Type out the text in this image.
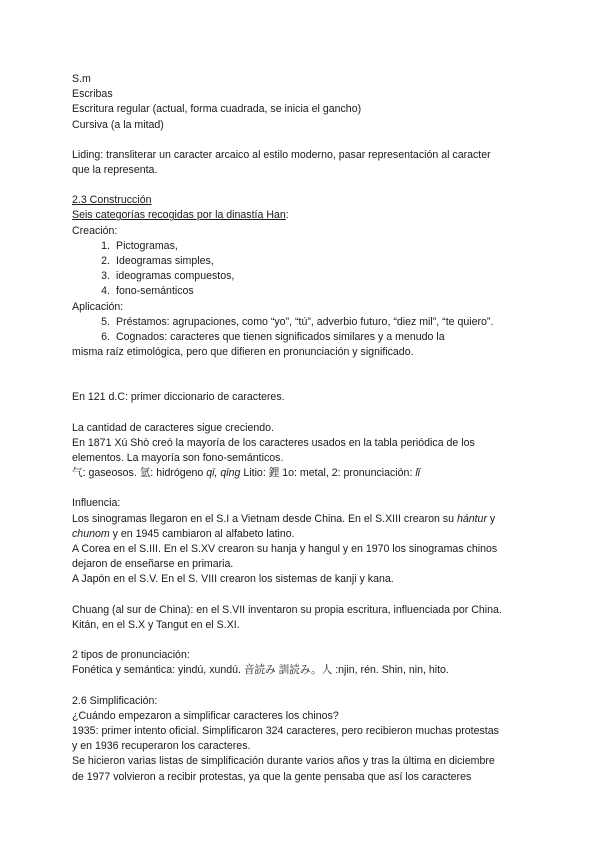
S.m
Escribas
Escritura regular (actual, forma cuadrada, se inicia el gancho)
Cursiva (a la mitad)
Liding: transliterar un caracter arcaico al estilo moderno, pasar representación al caracter
que la representa.
2.3 Construcción
Seis categorías recogidas por la dinastía Han:
Creación:
1. Pictogramas,
2. Ideogramas simples,
3. ideogramas compuestos,
4. fono-semánticos
Aplicación:
5. Préstamos: agrupaciones, como “yo”, “tú”, adverbio futuro, “diez mil”, “te quiero”.
6. Cognados: caracteres que tienen significados similares y a menudo la
misma raíz etimológica, pero que difieren en pronunciación y significado.
En 121 d.C: primer diccionario de caracteres.
La cantidad de caracteres sigue creciendo.
En 1871 Xú Shò creó la mayoría de los caracteres usados en la tabla periódica de los
elementos. La mayoría son fono-semánticos.
气: gaseosos. 氫: hidrógeno qī, qīng Litio: 鋰 1o: metal, 2: pronunciación: lǐ
Influencia:
Los sinogramas llegaron en el S.I a Vietnam desde China. En el S.XIII crearon su hántur y
chunom y en 1945 cambiaron al alfabeto latino.
A Corea en el S.III. En el S.XV crearon su hanja y hangul y en 1970 los sinogramas chinos
dejaron de enseñarse en primaria.
A Japón en el S.V. En el S. VIII crearon los sistemas de kanji y kana.
Chuang (al sur de China): en el S.VII inventaron su propia escritura, influenciada por China.
Kitán, en el S.X y Tangut en el S.XI.
2 tipos de pronunciación:
Fonética y semántica: yindú, xundú. 音読み 訓読み。人 :njin, rén. Shin, nin, hito.
2.6 Simplificación:
¿Cuándo empezaron a simplificar caracteres los chinos?
1935: primer intento oficial. Simplificaron 324 caracteres, pero recibieron muchas protestas
y en 1936 recuperaron los caracteres.
Se hicieron varias listas de simplificación durante varios años y tras la última en diciembre
de 1977 volvieron a recibir protestas, ya que la gente pensaba que así los caracteres
